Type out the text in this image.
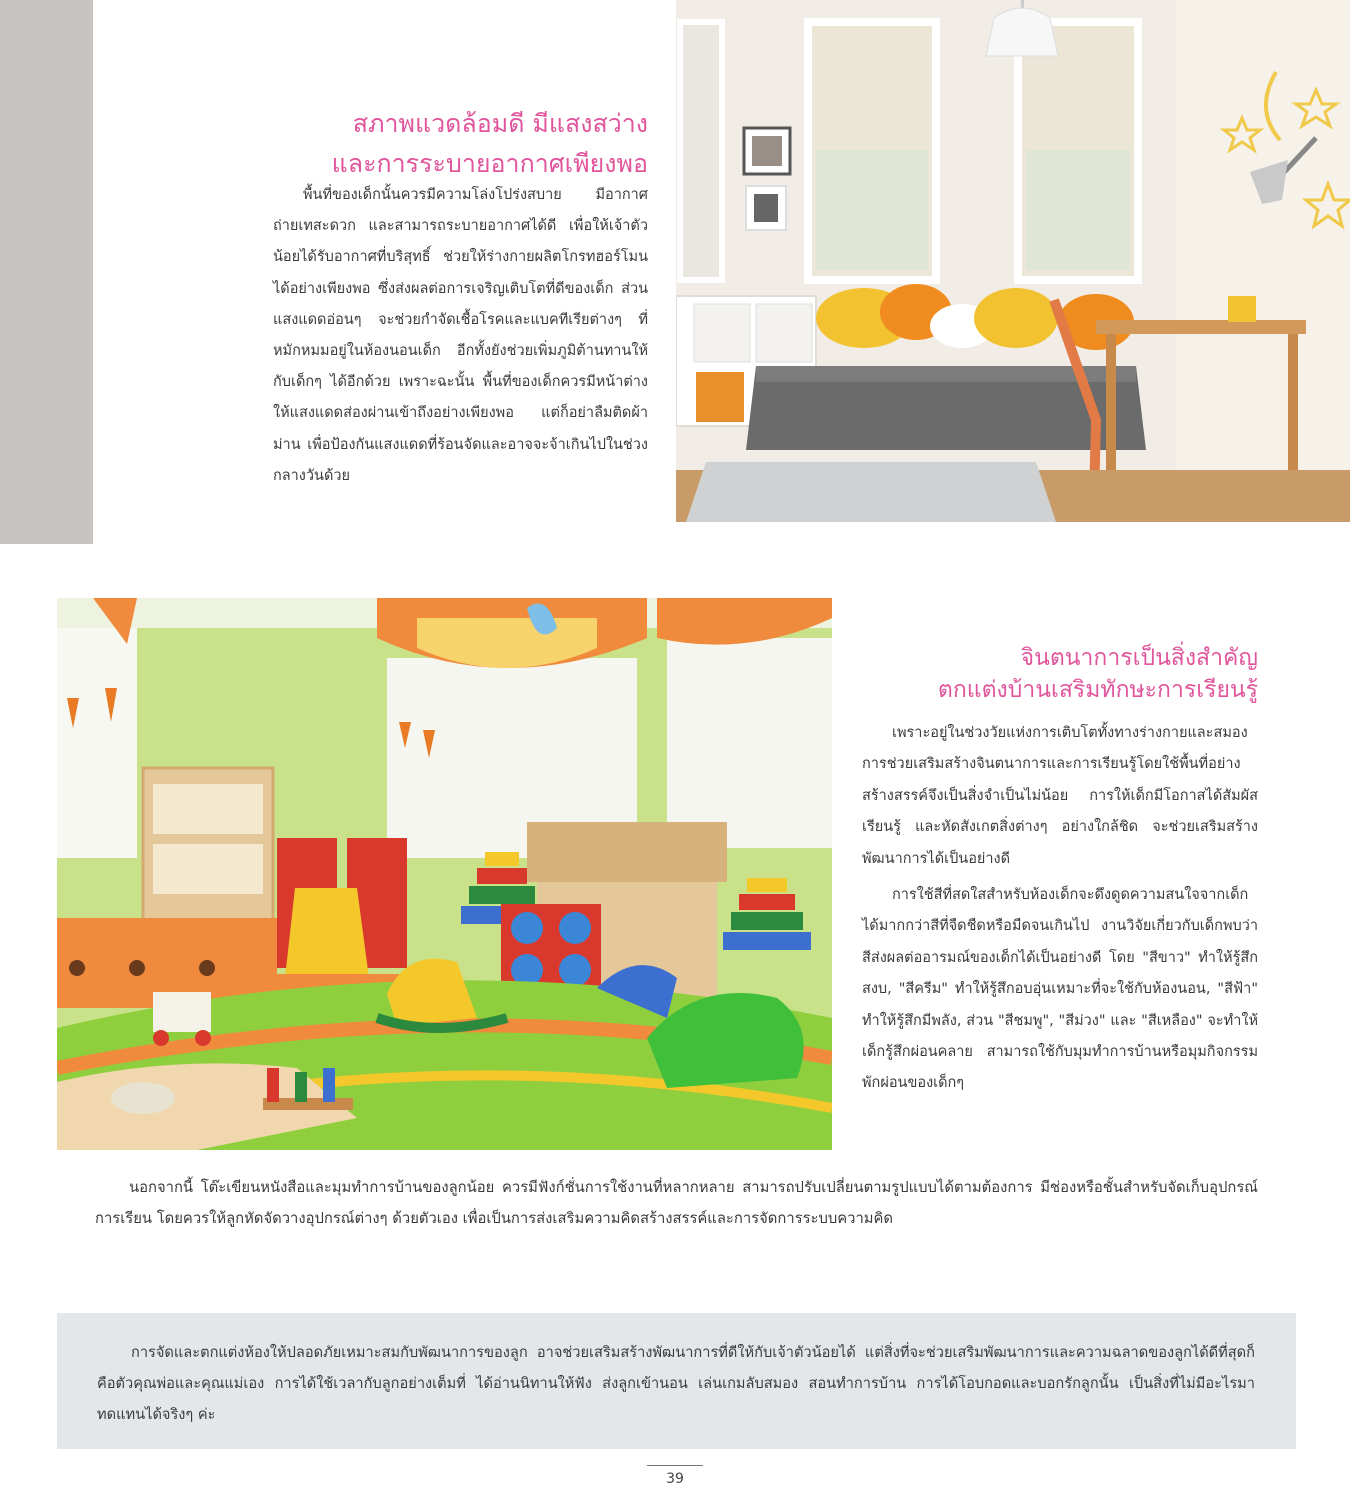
สภาพแวดล้อมดี มีแสงสว่าง
และการระบายอากาศเพียงพอ

พื้นที่ของเด็กนั้นควรมีความโล่งโปร่งสบาย มีอากาศถ่ายเทสะดวก และสามารถระบายอากาศได้ดี เพื่อให้เจ้าตัวน้อยได้รับอากาศที่บริสุทธิ์ ช่วยให้ร่างกายผลิตโกรทฮอร์โมนได้อย่างเพียงพอ ซึ่งส่งผลต่อการเจริญเติบโตที่ดีของเด็ก ส่วนแสงแดดอ่อนๆ จะช่วยกำจัดเชื้อโรคและแบคทีเรียต่างๆ ที่หมักหมมอยู่ในห้องนอนเด็ก อีกทั้งยังช่วยเพิ่มภูมิต้านทานให้กับเด็กๆ ได้อีกด้วย เพราะฉะนั้น พื้นที่ของเด็กควรมีหน้าต่างให้แสงแดดส่องผ่านเข้าถึงอย่างเพียงพอ แต่ก็อย่าลืมติดผ้าม่าน เพื่อป้องกันแสงแดดที่ร้อนจัดและอาจจะจ้าเกินไปในช่วงกลางวันด้วย

จินตนาการเป็นสิ่งสำคัญ
ตกแต่งบ้านเสริมทักษะการเรียนรู้

เพราะอยู่ในช่วงวัยแห่งการเติบโตทั้งทางร่างกายและสมอง การช่วยเสริมสร้างจินตนาการและการเรียนรู้โดยใช้พื้นที่อย่างสร้างสรรค์จึงเป็นสิ่งจำเป็นไม่น้อย การให้เด็กมีโอกาสได้สัมผัส เรียนรู้ และหัดสังเกตสิ่งต่างๆ อย่างใกล้ชิด จะช่วยเสริมสร้างพัฒนาการได้เป็นอย่างดี

การใช้สีที่สดใสสำหรับห้องเด็กจะดึงดูดความสนใจจากเด็กได้มากกว่าสีที่จืดชืดหรือมืดจนเกินไป งานวิจัยเกี่ยวกับเด็กพบว่า สีส่งผลต่ออารมณ์ของเด็กได้เป็นอย่างดี โดย "สีขาว" ทำให้รู้สึกสงบ, "สีครีม" ทำให้รู้สึกอบอุ่นเหมาะที่จะใช้กับห้องนอน, "สีฟ้า" ทำให้รู้สึกมีพลัง, ส่วน "สีชมพู", "สีม่วง" และ "สีเหลือง" จะทำให้เด็กรู้สึกผ่อนคลาย สามารถใช้กับมุมทำการบ้านหรือมุมกิจกรรมพักผ่อนของเด็กๆ

นอกจากนี้ โต๊ะเขียนหนังสือและมุมทำการบ้านของลูกน้อย ควรมีฟังก์ชั่นการใช้งานที่หลากหลาย สามารถปรับเปลี่ยนตามรูปแบบได้ตามต้องการ มีช่องหรือชั้นสำหรับจัดเก็บอุปกรณ์การเรียน โดยควรให้ลูกหัดจัดวางอุปกรณ์ต่างๆ ด้วยตัวเอง เพื่อเป็นการส่งเสริมความคิดสร้างสรรค์และการจัดการระบบความคิด

การจัดและตกแต่งห้องให้ปลอดภัยเหมาะสมกับพัฒนาการของลูก อาจช่วยเสริมสร้างพัฒนาการที่ดีให้กับเจ้าตัวน้อยได้ แต่สิ่งที่จะช่วยเสริมพัฒนาการและความฉลาดของลูกได้ดีที่สุดก็คือตัวคุณพ่อและคุณแม่เอง การได้ใช้เวลากับลูกอย่างเต็มที่ ได้อ่านนิทานให้ฟัง ส่งลูกเข้านอน เล่นเกมลับสมอง สอนทำการบ้าน การได้โอบกอดและบอกรักลูกนั้น เป็นสิ่งที่ไม่มีอะไรมาทดแทนได้จริงๆ ค่ะ

39
